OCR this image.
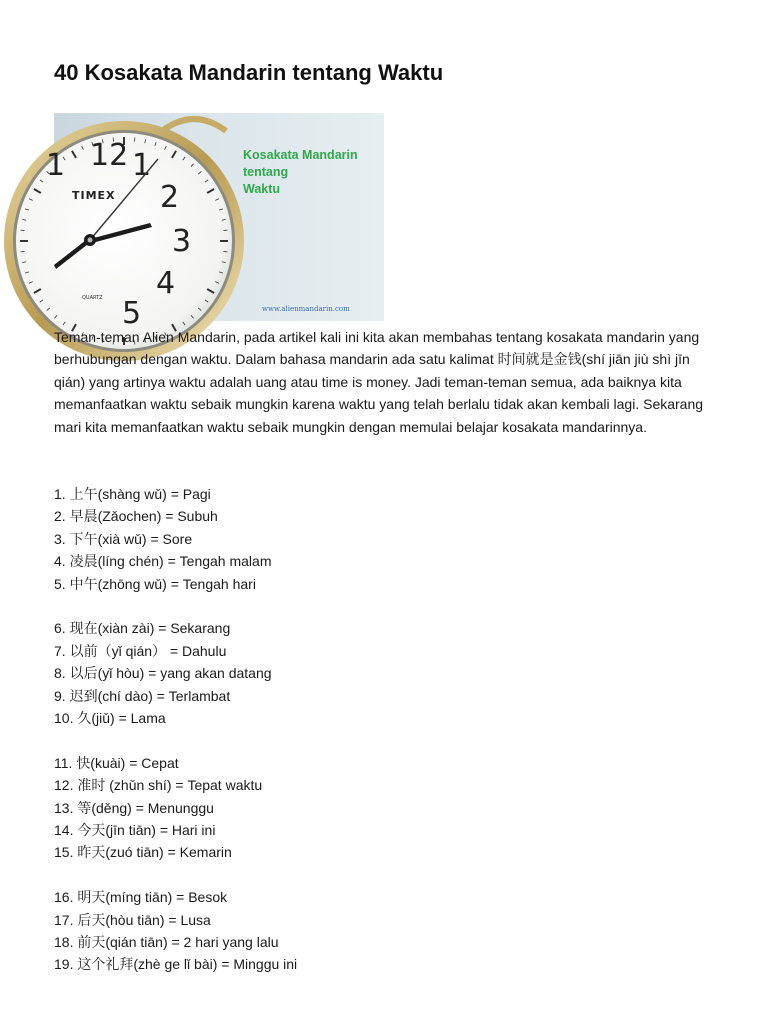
40 Kosakata Mandarin tentang Waktu
12 1
2
3
4
5
1
TIMEX
QUARTZ
Kosakata Mandarin
tentang
Waktu
www.alienmandarin.com

Teman-teman Alien Mandarin, pada artikel kali ini kita akan membahas tentang kosakata mandarin yang berhubungan dengan waktu. Dalam bahasa mandarin ada satu kalimat 时间就是金钱(shí jiān jiù shì jīn qián) yang artinya waktu adalah uang atau time is money. Jadi teman-teman semua, ada baiknya kita memanfaatkan waktu sebaik mungkin karena waktu yang telah berlalu tidak akan kembali lagi. Sekarang mari kita memanfaatkan waktu sebaik mungkin dengan memulai belajar kosakata mandarinnya.

1. 上午(shàng wǔ) = Pagi
2. 早晨(Zǎochen) = Subuh
3. 下午(xià wǔ) = Sore
4. 凌晨(líng chén) = Tengah malam
5. 中午(zhōng wǔ) = Tengah hari
6. 现在(xiàn zài) = Sekarang
7. 以前（yǐ qián） = Dahulu
8. 以后(yǐ hòu) = yang akan datang
9. 迟到(chí dào) = Terlambat
10. 久(jiǔ) = Lama
11. 快(kuài) = Cepat
12. 准时 (zhǔn shí) = Tepat waktu
13. 等(děng) = Menunggu
14. 今天(jīn tiān) = Hari ini
15. 昨天(zuó tiān) = Kemarin
16. 明天(míng tiān) = Besok
17. 后天(hòu tiān) = Lusa
18. 前天(qián tiān) = 2 hari yang lalu
19. 这个礼拜(zhè ge lǐ bài) = Minggu ini
